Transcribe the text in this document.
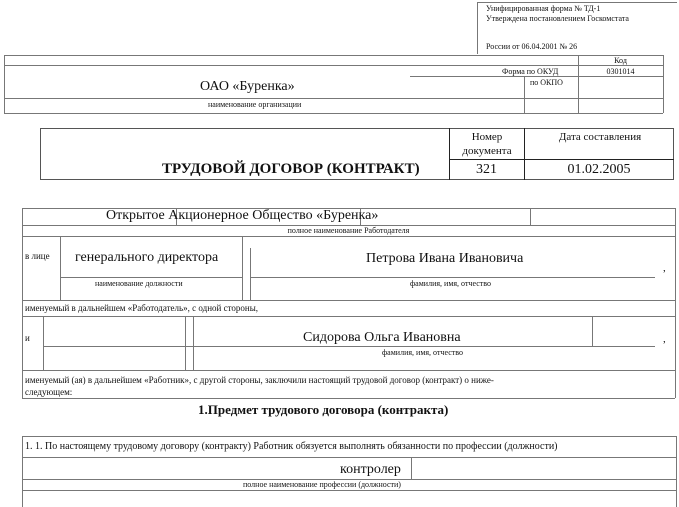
Унифицированная форма № ТД-1
Утверждена постановлением Госкомстата
России от 06.04.2001 № 26
Код
Форма по ОКУД	0301014
по ОКПО
ОАО «Буренка»
наименование организации
Номер документа
Дата составления
ТРУДОВОЙ ДОГОВОР (КОНТРАКТ)	321	01.02.2005
Открытое Акционерное Общество «Буренка»
полное наименование Работодателя
в лице генерального директора	Петрова Ивана Ивановича
,
наименование должности	фамилия, имя, отчество
именуемый в дальнейшем «Работодатель», с одной стороны,
и	Сидорова Ольга Ивановна	,
фамилия, имя, отчество
именуемый (ая) в дальнейшем «Работник», с другой стороны, заключили настоящий трудовой договор (контракт) о ниже-
следующем:
1.Предмет трудового договора (контракта)
1. 1. По настоящему трудовому договору (контракту) Работник обязуется выполнять обязанности по профессии (должности)
контролер
полное наименование профессии (должности)
